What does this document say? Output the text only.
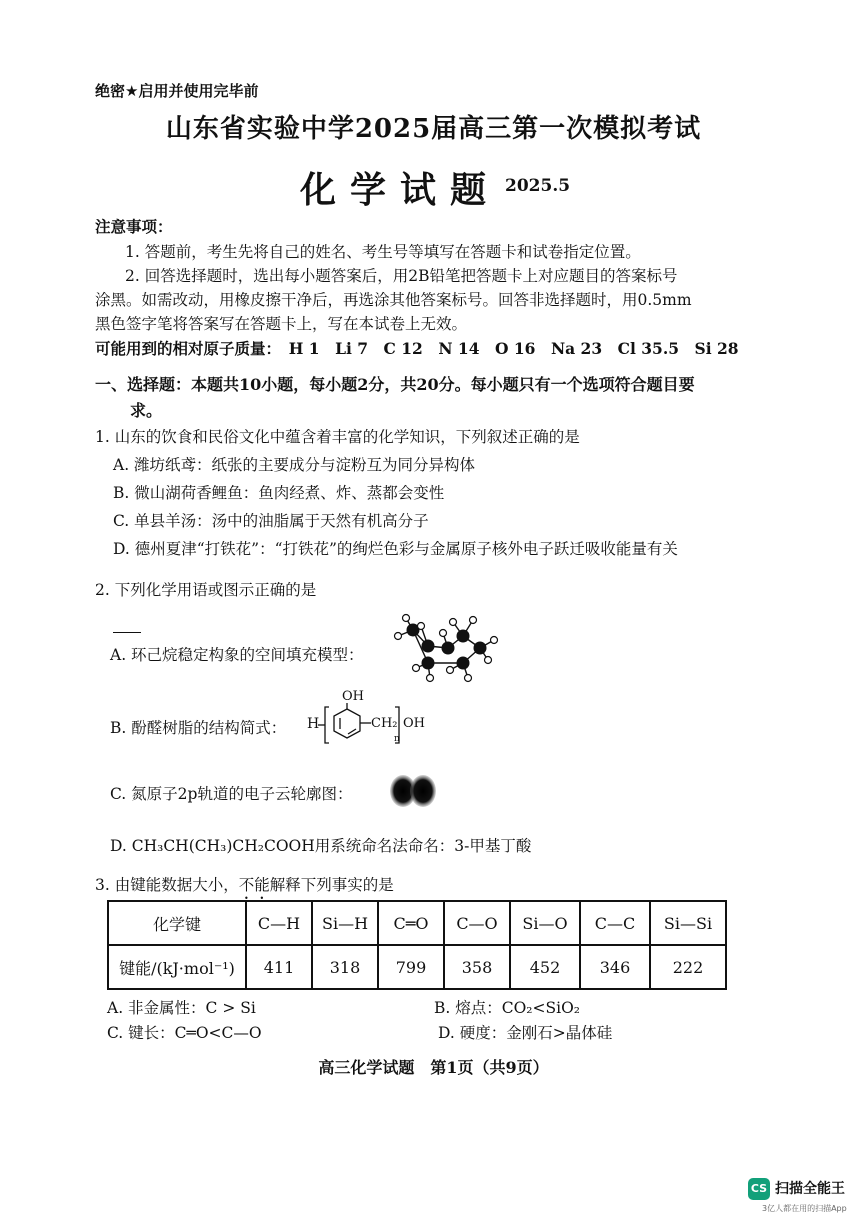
绝密★启用并使用完毕前
山东省实验中学2025届高三第一次模拟考试
化学试题 2025.5
注意事项：
1. 答题前，考生先将自己的姓名、考生号等填写在答题卡和试卷指定位置。
2. 回答选择题时，选出每小题答案后，用2B铅笔把答题卡上对应题目的答案标号
涂黑。如需改动，用橡皮擦干净后，再选涂其他答案标号。回答非选择题时，用0.5mm
黑色签字笔将答案写在答题卡上，写在本试卷上无效。
可能用到的相对原子质量：　H 1　Li 7　C 12　N 14　O 16　Na 23　Cl 35.5　Si 28
一、选择题：本题共10小题，每小题2分，共20分。每小题只有一个选项符合题目要
求。
1. 山东的饮食和民俗文化中蕴含着丰富的化学知识，下列叙述正确的是
A. 潍坊纸鸢：纸张的主要成分与淀粉互为同分异构体
B. 微山湖荷香鲤鱼：鱼肉经煮、炸、蒸都会变性
C. 单县羊汤：汤中的油脂属于天然有机高分子
D. 德州夏津“打铁花”：“打铁花”的绚烂色彩与金属原子核外电子跃迁吸收能量有关
2. 下列化学用语或图示正确的是
A. 环己烷稳定构象的空间填充模型：
B. 酚醛树脂的结构简式： H
OH
CH₂ OH
n
C. 氮原子2p轨道的电子云轮廓图：
D. CH₃CH(CH₃)CH₂COOH用系统命名法命名：3-甲基丁酸
3. 由键能数据大小，不能解释下列事实的是
化学键	C—H	Si—H	C═O	C—O	Si—O	C—C	Si—Si
键能/(kJ·mol⁻¹)	411	318	799	358	452	346	222
A. 非金属性：C > Si	B. 熔点：CO₂<SiO₂
C. 键长：C═O<C—O	D. 硬度：金刚石>晶体硅
高三化学试题　第1页（共9页）
CS 扫描全能王
3亿人都在用的扫描App
